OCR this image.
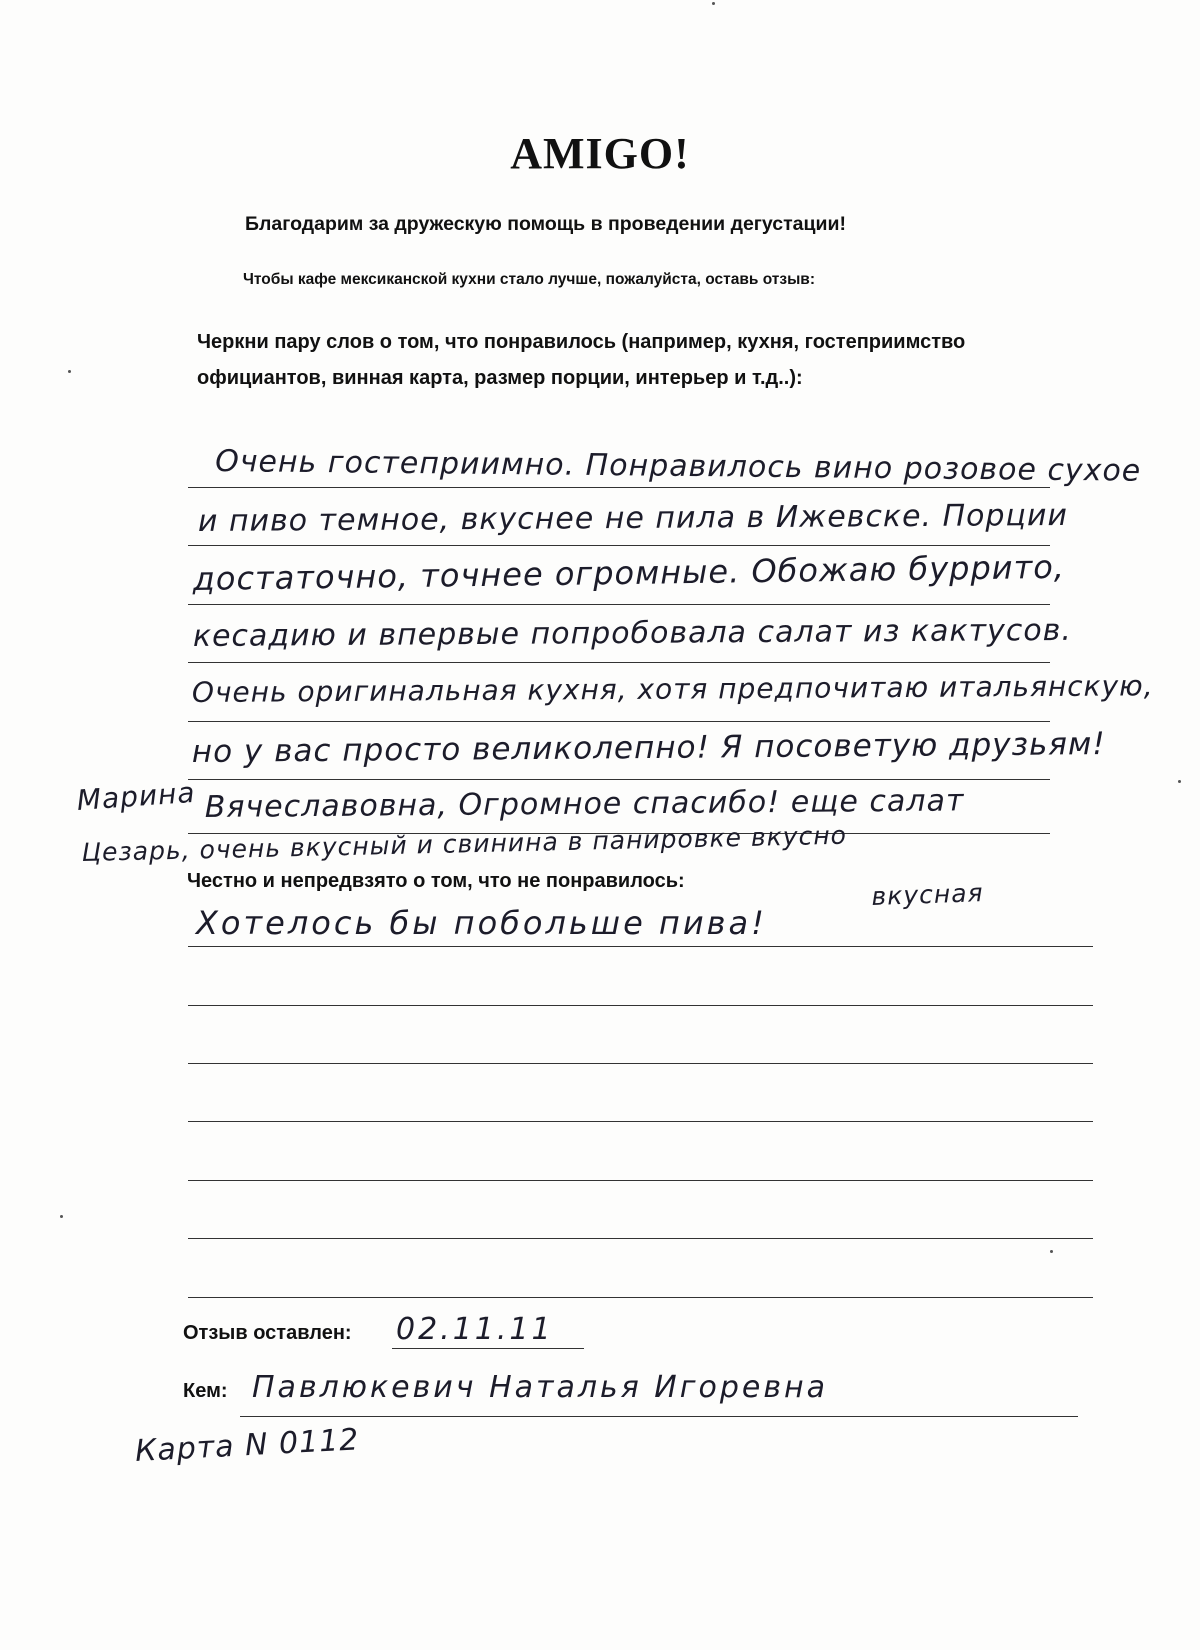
AMIGO!
Благодарим за дружескую помощь в проведении дегустации!
Чтобы кафе мексиканской кухни стало лучше, пожалуйста, оставь отзыв:
Черкни пару слов о том, что понравилось (например, кухня, гостеприимство официантов, винная карта, размер порции, интерьер и т.д..):
Очень гостеприимно. Понравилось вино розовое сухое
и пиво темное, вкуснее не пила в Ижевске. Порции
достаточно, точнее огромные. Обожаю буррито,
кесадию и впервые попробовала салат из кактусов.
Очень оригинальная кухня, хотя предпочитаю итальянскую,
но у вас просто великолепно! Я посоветую друзьям!
Марина Вячеславовна, Огромное спасибо! еще салат
Цезарь, очень вкусный и свинина в панировке вкусно
Честно и непредвзято о том, что не понравилось:	вкусная
Хотелось бы побольше пива!
Отзыв оставлен: 02.11.11
Кем: Павлюкевич Наталья Игоревна
Карта N 0112
